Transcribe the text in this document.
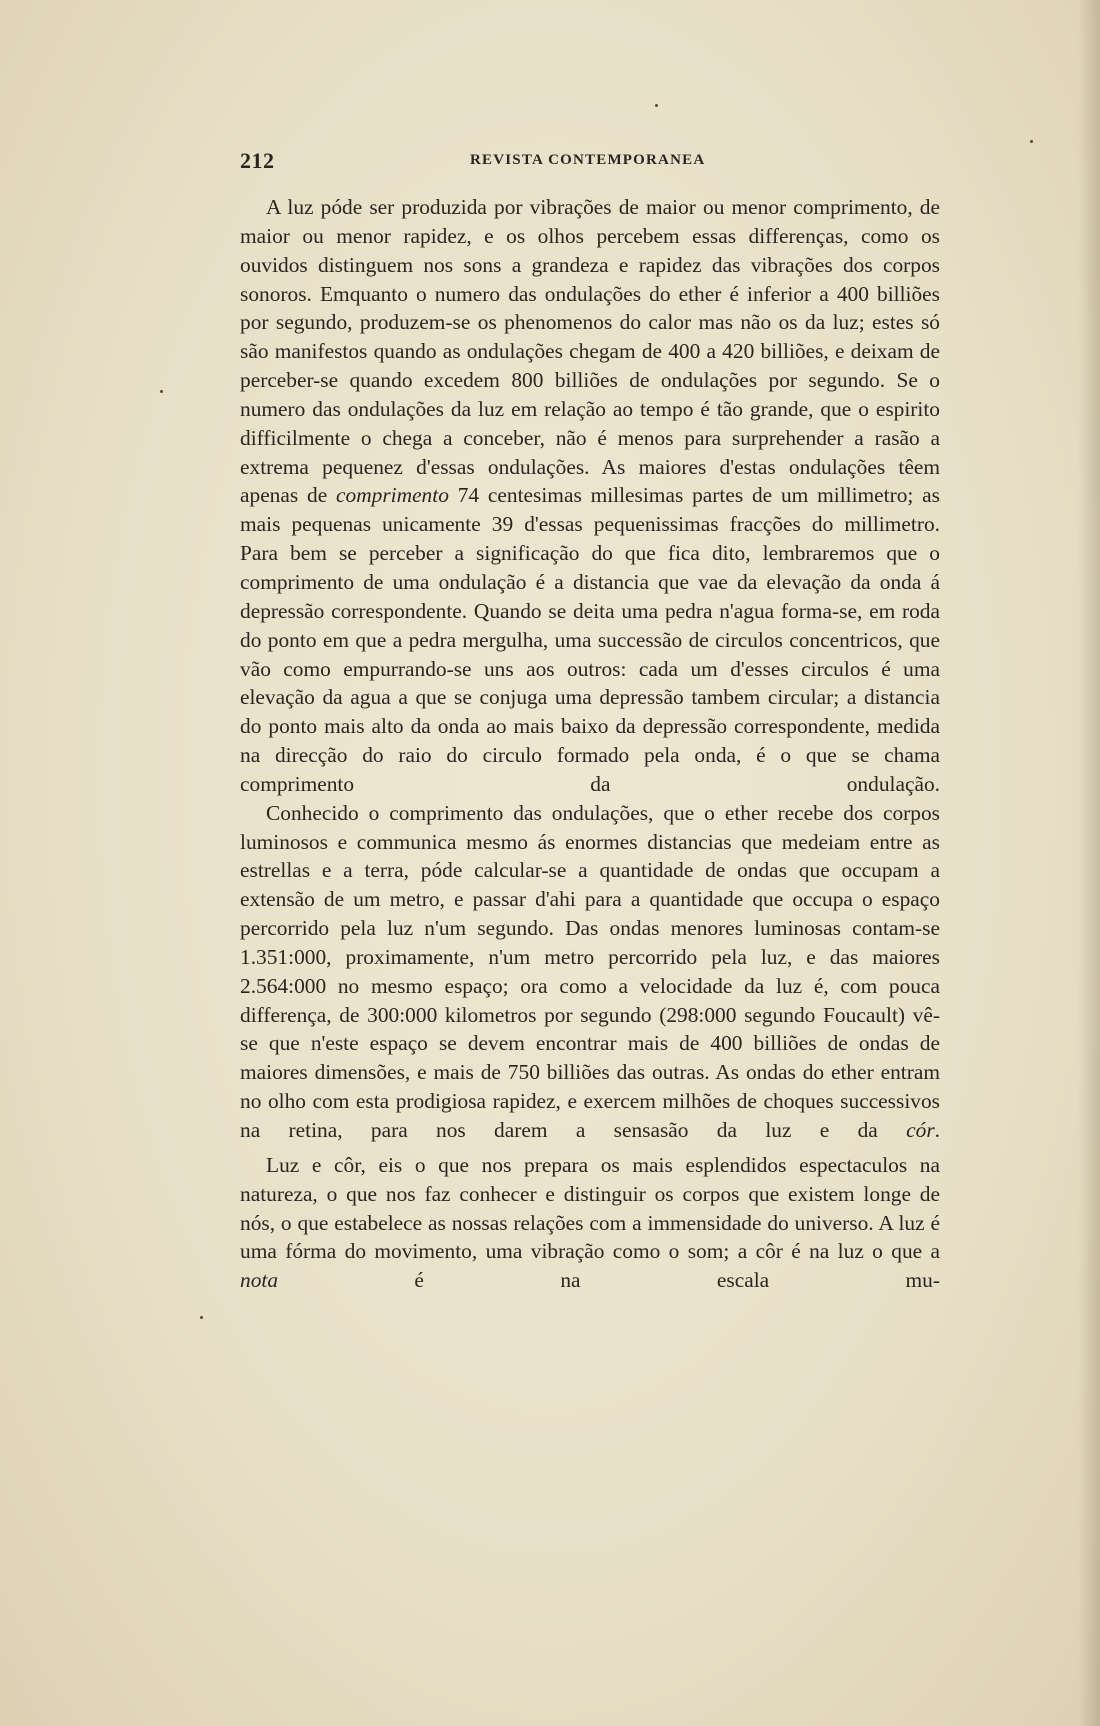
212	REVISTA CONTEMPORANEA

A luz póde ser produzida por vibrações de maior ou menor comprimento, de maior ou menor rapidez, e os olhos percebem essas differenças, como os ouvidos distinguem nos sons a grandeza e rapidez das vibrações dos corpos sonoros. Emquanto o numero das ondulações do ether é inferior a 400 billiões por segundo, produzem-se os phenomenos do calor mas não os da luz; estes só são manifestos quando as ondulações chegam de 400 a 420 billiões, e deixam de perceber-se quando excedem 800 billiões de ondulações por segundo. Se o numero das ondulações da luz em relação ao tempo é tão grande, que o espirito difficilmente o chega a conceber, não é menos para surprehender a rasão a extrema pequenez d'essas ondulações. As maiores d'estas ondulações têem apenas de comprimento 74 centesimas millesimas partes de um millimetro; as mais pequenas unicamente 39 d'essas pequenissimas fracções do millimetro. Para bem se perceber a significação do que fica dito, lembraremos que o comprimento de uma ondulação é a distancia que vae da elevação da onda á depressão correspondente. Quando se deita uma pedra n'agua forma-se, em roda do ponto em que a pedra mergulha, uma successão de circulos concentricos, que vão como empurrando-se uns aos outros: cada um d'esses circulos é uma elevação da agua a que se conjuga uma depressão tambem circular; a distancia do ponto mais alto da onda ao mais baixo da depressão correspondente, medida na direcção do raio do circulo formado pela onda, é o que se chama comprimento da ondulação.

Conhecido o comprimento das ondulações, que o ether recebe dos corpos luminosos e communica mesmo ás enormes distancias que medeiam entre as estrellas e a terra, póde calcular-se a quantidade de ondas que occupam a extensão de um metro, e passar d'ahi para a quantidade que occupa o espaço percorrido pela luz n'um segundo. Das ondas menores luminosas contam-se 1.351:000, proximamente, n'um metro percorrido pela luz, e das maiores 2.564:000 no mesmo espaço; ora como a velocidade da luz é, com pouca differença, de 300:000 kilometros por segundo (298:000 segundo Foucault) vê-se que n'este espaço se devem encontrar mais de 400 billiões de ondas de maiores dimensões, e mais de 750 billiões das outras. As ondas do ether entram no olho com esta prodigiosa rapidez, e exercem milhões de choques successivos na retina, para nos darem a sensasão da luz e da cór.

Luz e côr, eis o que nos prepara os mais esplendidos espectaculos na natureza, o que nos faz conhecer e distinguir os corpos que existem longe de nós, o que estabelece as nossas relações com a immensidade do universo. A luz é uma fórma do movimento, uma vibração como o som; a côr é na luz o que a nota é na escala mu-
